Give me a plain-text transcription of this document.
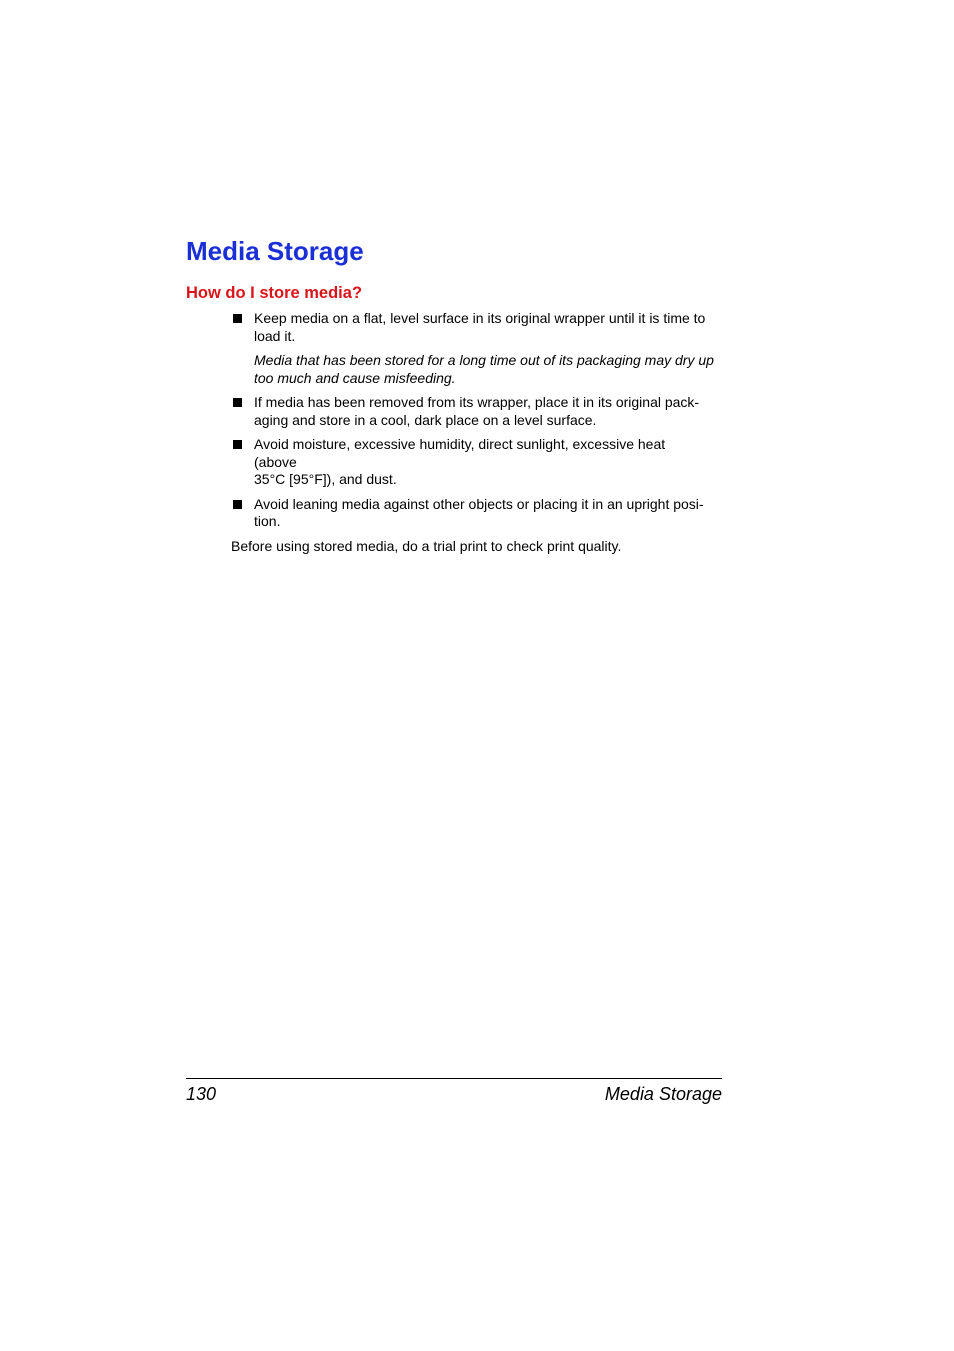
Media Storage
How do I store media?
Keep media on a flat, level surface in its original wrapper until it is time to
load it.
Media that has been stored for a long time out of its packaging may dry up
too much and cause misfeeding.
If media has been removed from its wrapper, place it in its original pack-
aging and store in a cool, dark place on a level surface.
Avoid moisture, excessive humidity, direct sunlight, excessive heat
(above
35°C [95°F]), and dust.
Avoid leaning media against other objects or placing it in an upright posi-
tion.

Before using stored media, do a trial print to check print quality.

130	Media Storage
